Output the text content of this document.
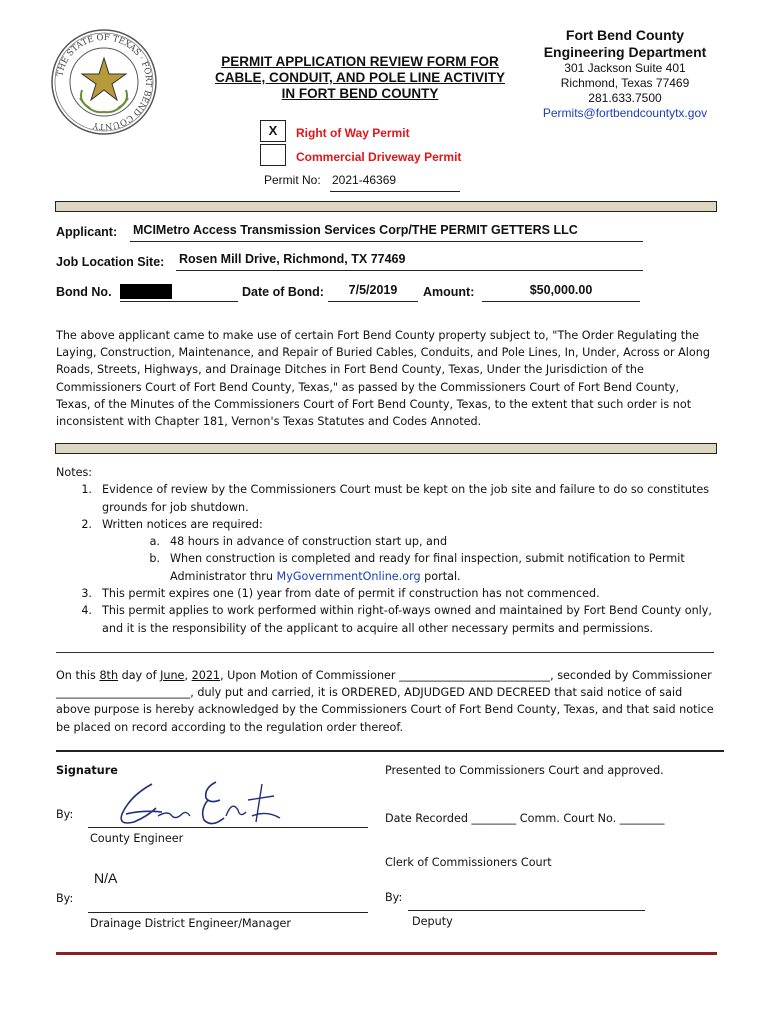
THE STATE OF TEXAS · FORT BEND COUNTY
PERMIT APPLICATION REVIEW FORM FOR
CABLE, CONDUIT, AND POLE LINE ACTIVITY
IN FORT BEND COUNTY
Fort Bend County
Engineering Department
301 Jackson Suite 401
Richmond, Texas 77469
281.633.7500
Permits@fortbendcountytx.gov
X	Right of Way Permit
Commercial Driveway Permit
Permit No: 2021-46369
Applicant: MCIMetro Access Transmission Services Corp/THE PERMIT GETTERS LLC
Job Location Site: Rosen Mill Drive, Richmond, TX 77469
Bond No.	Date of Bond:	7/5/2019	Amount:	$50,000.00
The above applicant came to make use of certain Fort Bend County property subject to, "The Order Regulating the Laying, Construction, Maintenance, and Repair of Buried Cables, Conduits, and Pole Lines, In, Under, Across or Along Roads, Streets, Highways, and Drainage Ditches in Fort Bend County, Texas, Under the Jurisdiction of the Commissioners Court of Fort Bend County, Texas," as passed by the Commissioners Court of Fort Bend County, Texas, of the Minutes of the Commissioners Court of Fort Bend County, Texas, to the extent that such order is not inconsistent with Chapter 181, Vernon's Texas Statutes and Codes Annoted.
Notes:
1. Evidence of review by the Commissioners Court must be kept on the job site and failure to do so constitutes grounds for job shutdown.
2. Written notices are required:
a. 48 hours in advance of construction start up, and
b. When construction is completed and ready for final inspection, submit notification to Permit Administrator thru MyGovernmentOnline.org portal.
3. This permit expires one (1) year from date of permit if construction has not commenced.
4. This permit applies to work performed within right-of-ways owned and maintained by Fort Bend County only, and it is the responsibility of the applicant to acquire all other necessary permits and permissions.
On this 8th day of June, 2021, Upon Motion of Commissioner ___________________________, seconded by Commissioner ________________________, duly put and carried, it is ORDERED, ADJUDGED AND DECREED that said notice of said above purpose is hereby acknowledged by the Commissioners Court of Fort Bend County, Texas, and that said notice be placed on record according to the regulation order thereof.
Signature
By:
County Engineer
N/A
By:
Drainage District Engineer/Manager
Presented to Commissioners Court and approved.
Date Recorded ________ Comm. Court No. ________
Clerk of Commissioners Court
By:
Deputy
